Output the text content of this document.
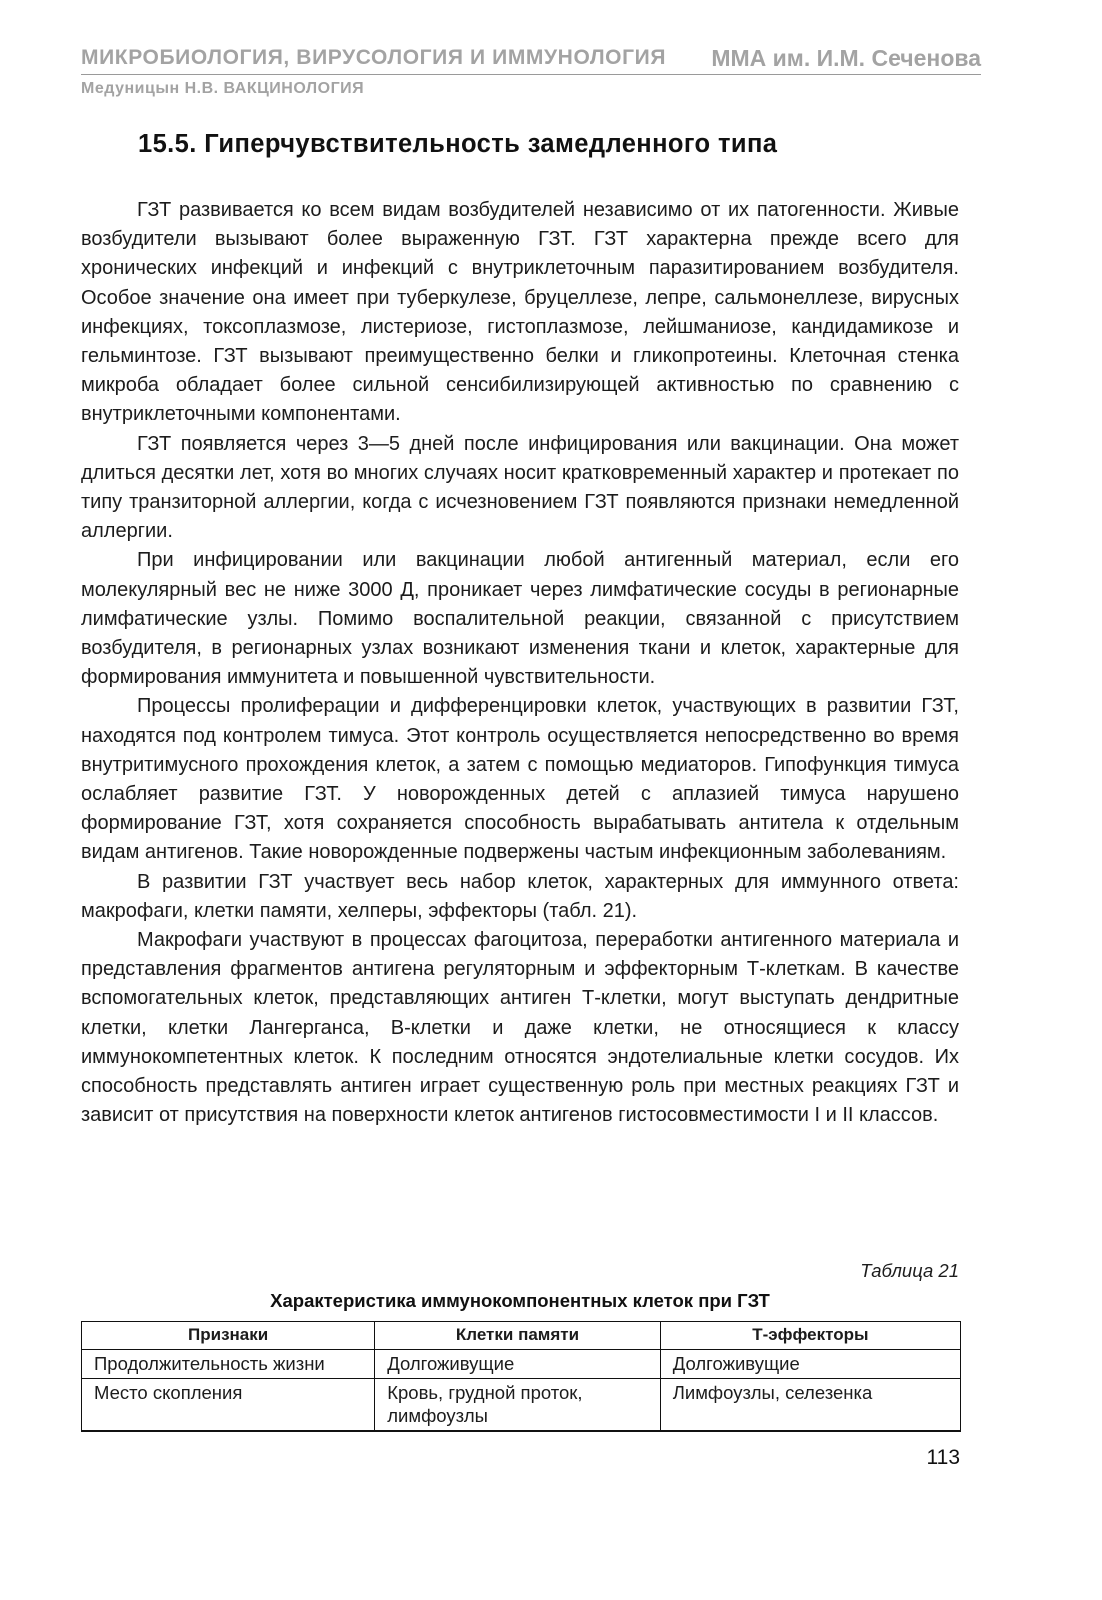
МИКРОБИОЛОГИЯ, ВИРУСОЛОГИЯ И ИММУНОЛОГИЯ ММА им. И.М. Сеченова
Медуницын Н.В. ВАКЦИНОЛОГИЯ
15.5. Гиперчувствительность замедленного типа

ГЗТ развивается ко всем видам возбудителей независимо от их патогенности. Живые возбудители вызывают более выраженную ГЗТ. ГЗТ характерна прежде всего для хронических инфекций и инфекций с внутриклеточным паразитированием возбудителя. Особое значение она имеет при туберкулезе, бруцеллезе, лепре, сальмонеллезе, вирусных инфекциях, токсоплазмозе, листериозе, гистоплазмозе, лейшманиозе, кандидамикозе и гельминтозе. ГЗТ вызывают преимущественно белки и гликопротеины. Клеточная стенка микроба обладает более сильной сенсибилизирующей активностью по сравнению с внутриклеточными компонентами.

ГЗТ появляется через 3—5 дней после инфицирования или вакцинации. Она может длиться десятки лет, хотя во многих случаях носит кратковременный характер и протекает по типу транзиторной аллергии, когда с исчезновением ГЗТ появляются признаки немедленной аллергии.

При инфицировании или вакцинации любой антигенный материал, если его молекулярный вес не ниже 3000 Д, проникает через лимфатические сосуды в регионарные лимфатические узлы. Помимо воспалительной реакции, связанной с присутствием возбудителя, в регионарных узлах возникают изменения ткани и клеток, характерные для формирования иммунитета и повышенной чувствительности.

Процессы пролиферации и дифференцировки клеток, участвующих в развитии ГЗТ, находятся под контролем тимуса. Этот контроль осуществляется непосредственно во время внутритимусного прохождения клеток, а затем с помощью медиаторов. Гипофункция тимуса ослабляет развитие ГЗТ. У новорожденных детей с аплазией тимуса нарушено формирование ГЗТ, хотя сохраняется способность вырабатывать антитела к отдельным видам антигенов. Такие новорожденные подвержены частым инфекционным заболеваниям.

В развитии ГЗТ участвует весь набор клеток, характерных для иммунного ответа: макрофаги, клетки памяти, хелперы, эффекторы (табл. 21).

Макрофаги участвуют в процессах фагоцитоза, переработки антигенного материала и представления фрагментов антигена регуляторным и эффекторным Т-клеткам. В качестве вспомогательных клеток, представляющих антиген Т-клетки, могут выступать дендритные клетки, клетки Лангерганса, В-клетки и даже клетки, не относящиеся к классу иммунокомпетентных клеток. К последним относятся эндотелиальные клетки сосудов. Их способность представлять антиген играет существенную роль при местных реакциях ГЗТ и зависит от присутствия на поверхности клеток антигенов гистосовместимости I и II классов.

Таблица 21
Характеристика иммунокомпонентных клеток при ГЗТ
Признаки	Клетки памяти	Т-эффекторы
Продолжительность жизни	Долгоживущие	Долгоживущие
Место скопления	Кровь, грудной проток, лимфоузлы	Лимфоузлы, селезенка
113
